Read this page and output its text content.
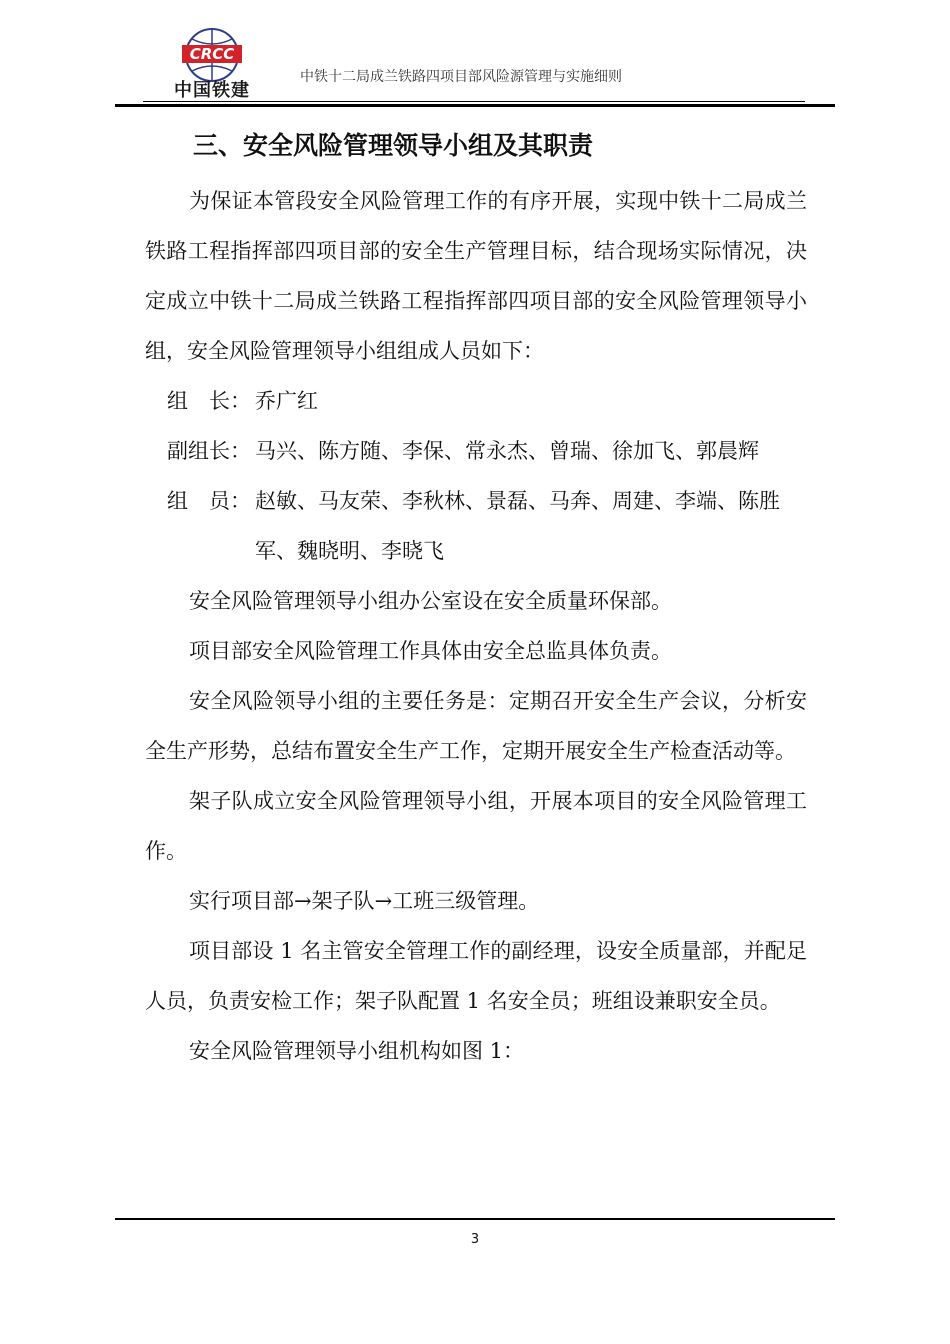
CRCC
中国铁建
中铁十二局成兰铁路四项目部风险源管理与实施细则
三、安全风险管理领导小组及其职责

为保证本管段安全风险管理工作的有序开展，实现中铁十二局成兰铁路工程指挥部四项目部的安全生产管理目标，结合现场实际情况，决定成立中铁十二局成兰铁路工程指挥部四项目部的安全风险管理领导小组，安全风险管理领导小组组成人员如下：

组　长： 乔广红
副组长： 马兴、陈方随、李保、常永杰、曾瑞、徐加飞、郭晨辉
组　员： 赵敏、马友荣、李秋林、景磊、马奔、周建、李端、陈胜军、魏晓明、李晓飞

安全风险管理领导小组办公室设在安全质量环保部。

项目部安全风险管理工作具体由安全总监具体负责。

安全风险领导小组的主要任务是：定期召开安全生产会议，分析安全生产形势，总结布置安全生产工作，定期开展安全生产检查活动等。

架子队成立安全风险管理领导小组，开展本项目的安全风险管理工作。

实行项目部→架子队→工班三级管理。

项目部设 1 名主管安全管理工作的副经理，设安全质量部，并配足人员，负责安检工作；架子队配置 1 名安全员；班组设兼职安全员。

安全风险管理领导小组机构如图 1：

3
